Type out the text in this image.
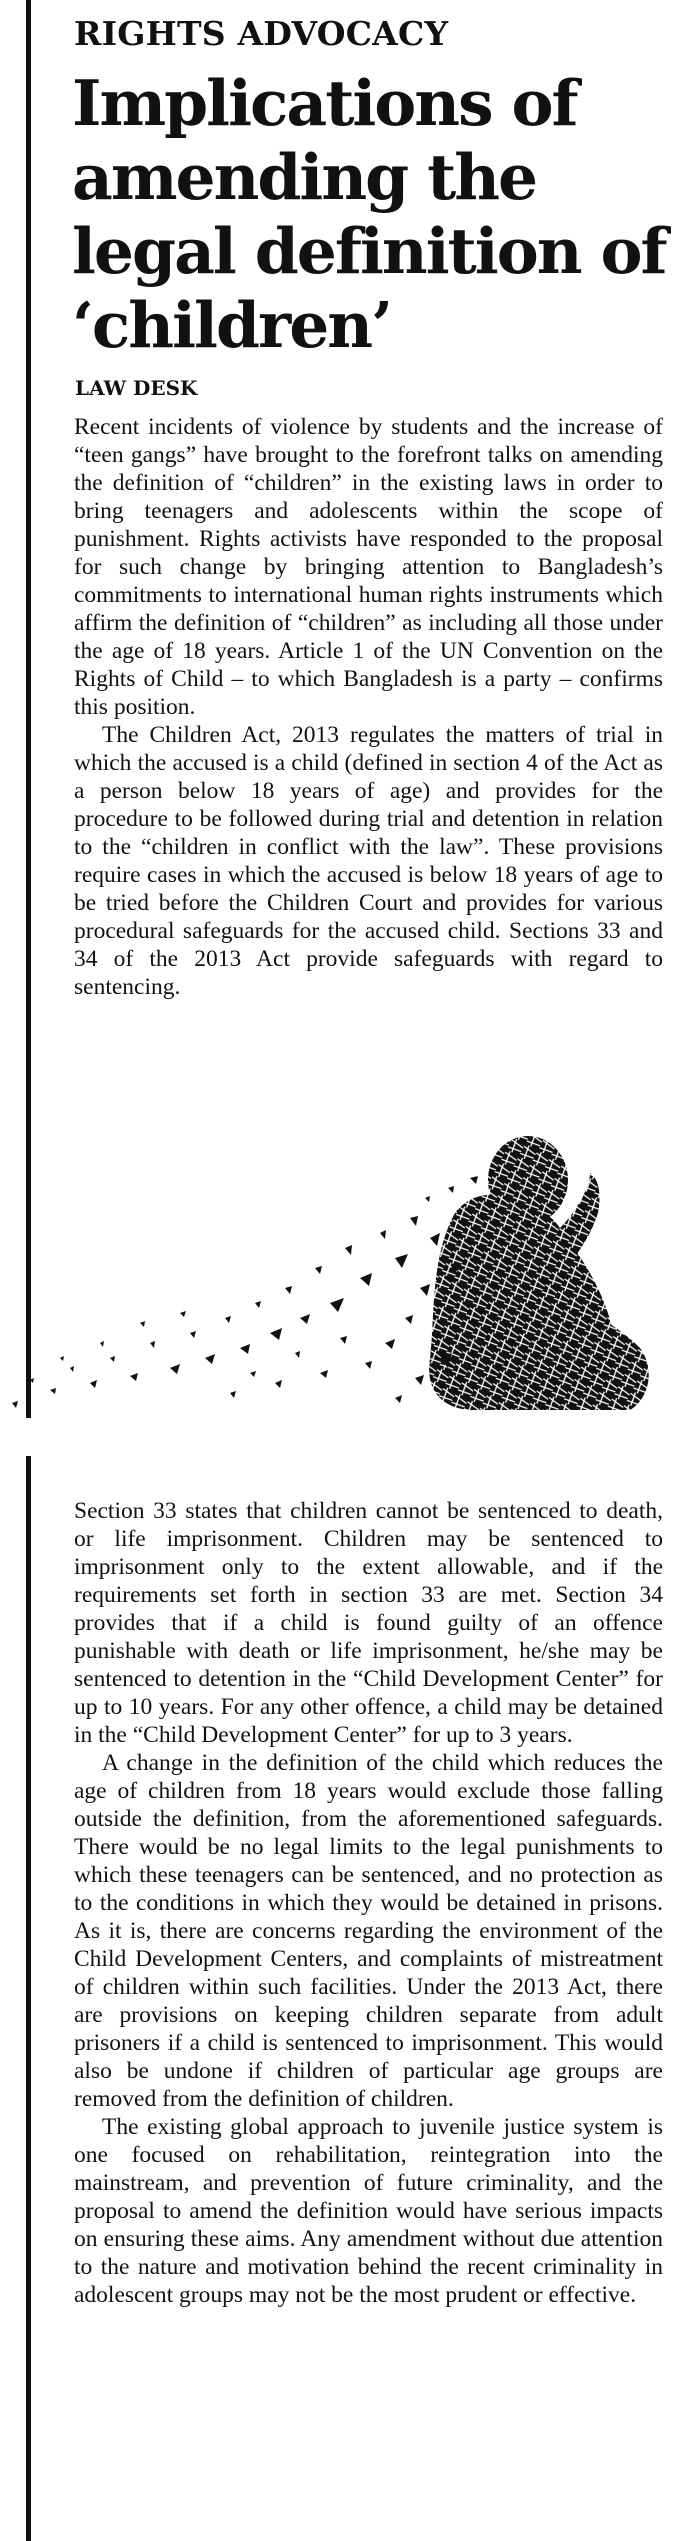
RIGHTS ADVOCACY
Implications of amending the legal definition of ‘children’
LAW DESK

Recent incidents of violence by students and the increase of “teen gangs” have brought to the forefront talks on amending the definition of “children” in the existing laws in order to bring teenagers and adolescents within the scope of punishment. Rights activists have responded to the proposal for such change by bringing attention to Bangladesh’s commitments to international human rights instruments which affirm the definition of “children” as including all those under the age of 18 years. Article 1 of the UN Convention on the Rights of Child – to which Bangladesh is a party – confirms this position.

The Children Act, 2013 regulates the matters of trial in which the accused is a child (defined in section 4 of the Act as a person below 18 years of age) and provides for the procedure to be followed during trial and detention in relation to the “children in conflict with the law”. These provisions require cases in which the accused is below 18 years of age to be tried before the Children Court and provides for various procedural safeguards for the accused child. Sections 33 and 34 of the 2013 Act provide safeguards with regard to sentencing.

Section 33 states that children cannot be sentenced to death, or life imprisonment. Children may be sentenced to imprisonment only to the extent allowable, and if the requirements set forth in section 33 are met. Section 34 provides that if a child is found guilty of an offence punishable with death or life imprisonment, he/she may be sentenced to detention in the “Child Development Center” for up to 10 years. For any other offence, a child may be detained in the “Child Development Center” for up to 3 years.

A change in the definition of the child which reduces the age of children from 18 years would exclude those falling outside the definition, from the aforementioned safeguards. There would be no legal limits to the legal punishments to which these teenagers can be sentenced, and no protection as to the conditions in which they would be detained in prisons. As it is, there are concerns regarding the environment of the Child Development Centers, and complaints of mistreatment of children within such facilities. Under the 2013 Act, there are provisions on keeping children separate from adult prisoners if a child is sentenced to imprisonment. This would also be undone if children of particular age groups are removed from the definition of children.

The existing global approach to juvenile justice system is one focused on rehabilitation, reintegration into the mainstream, and prevention of future criminality, and the proposal to amend the definition would have serious impacts on ensuring these aims. Any amendment without due attention to the nature and motivation behind the recent criminality in adolescent groups may not be the most prudent or effective.
